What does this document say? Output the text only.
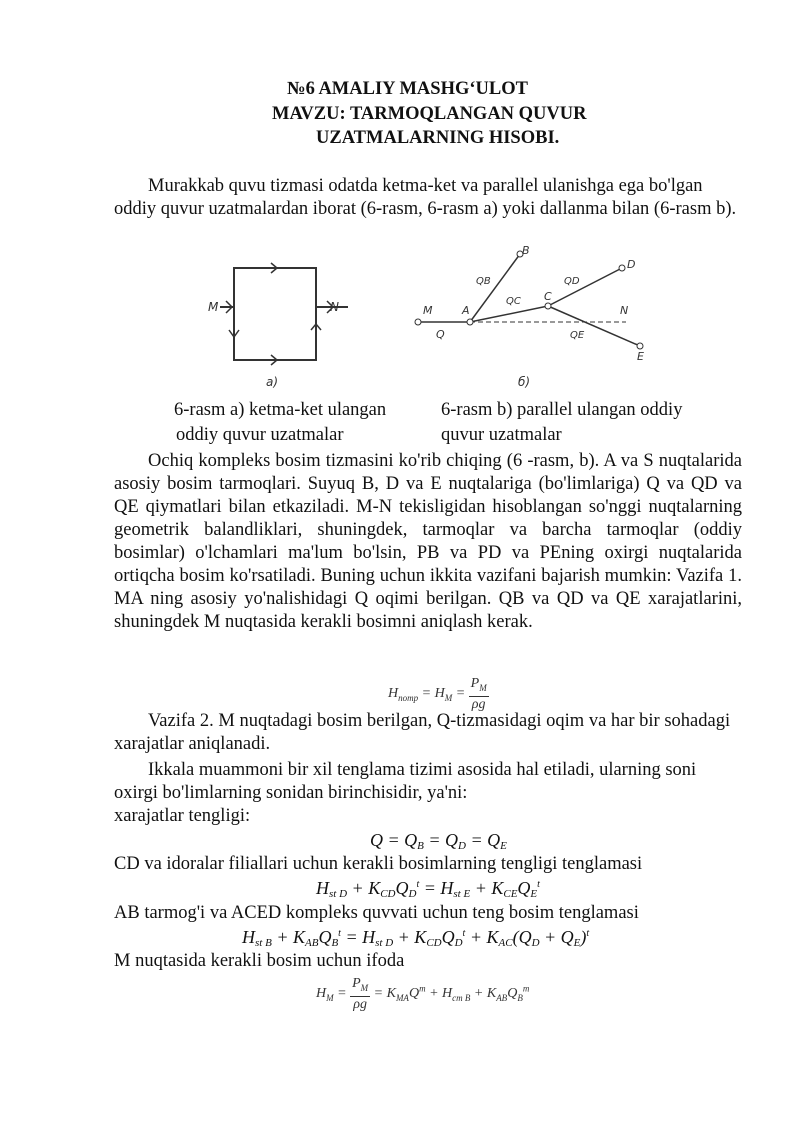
№6 AMALIY MASHG‘ULOT
MAVZU: TARMOQLANGAN QUVUR
UZATMALARNING HISOBI.

Murakkab quvu tizmasi odatda ketma-ket va parallel ulanishga ega bo'lgan oddiy quvur uzatmalardan iborat (6-rasm, 6-rasm a) yoki dallanma bilan (6-rasm b).

M	N
а)
M	A
C
B
D
N
E
Q
QB
QC
QD
QE
б)
6-rasm a) ketma-ket ulangan
oddiy quvur uzatmalar
6-rasm b) parallel ulangan oddiy
quvur uzatmalar

Ochiq kompleks bosim tizmasini ko'rib chiqing (6 -rasm, b). A va S nuqtalarida asosiy bosim tarmoqlari. Suyuq B, D va E nuqtalariga (bo'limlariga) Q va QD va QE qiymatlari bilan etkaziladi. M-N tekisligidan hisoblangan so'nggi nuqtalarning geometrik balandliklari, shuningdek, tarmoqlar va barcha tarmoqlar (oddiy bosimlar) o'lchamlari ma'lum bo'lsin, PB va PD va PEning oxirgi nuqtalarida ortiqcha bosim ko'rsatiladi. Buning uchun ikkita vazifani bajarish mumkin: Vazifa 1. MA ning asosiy yo'nalishidagi Q oqimi berilgan. QB va QD va QE xarajatlarini, shuningdek M nuqtasida kerakli bosimni aniqlash kerak.

$H_{потр} = H_M = \frac{P_M}{\rho g}$

Vazifa 2. M nuqtadagi bosim berilgan, Q-tizmasidagi oqim va har bir sohadagi xarajatlar aniqlanadi.

Ikkala muammoni bir xil tenglama tizimi asosida hal etiladi, ularning soni oxirgi bo'limlarning sonidan birinchisidir, ya'ni:

xarajatlar tengligi:
$Q = Q_B = Q_D = Q_E$
CD va idoralar filiallari uchun kerakli bosimlarning tengligi tenglamasi
$H_{st D} + K_{CD}Q_D^t = H_{st E} + K_{CE}Q_E^t$
AB tarmog'i va ACED kompleks quvvati uchun teng bosim tenglamasi
$H_{st B} + K_{AB}Q_B^t = H_{st D} + K_{CD}Q_D^t + K_{AC}(Q_D + Q_E)^t$
M nuqtasida kerakli bosim uchun ifoda
$H_M = \frac{P_M}{\rho g} = K_{MA}Q^m + H_{cm B} + K_{AB}Q_B^m$
